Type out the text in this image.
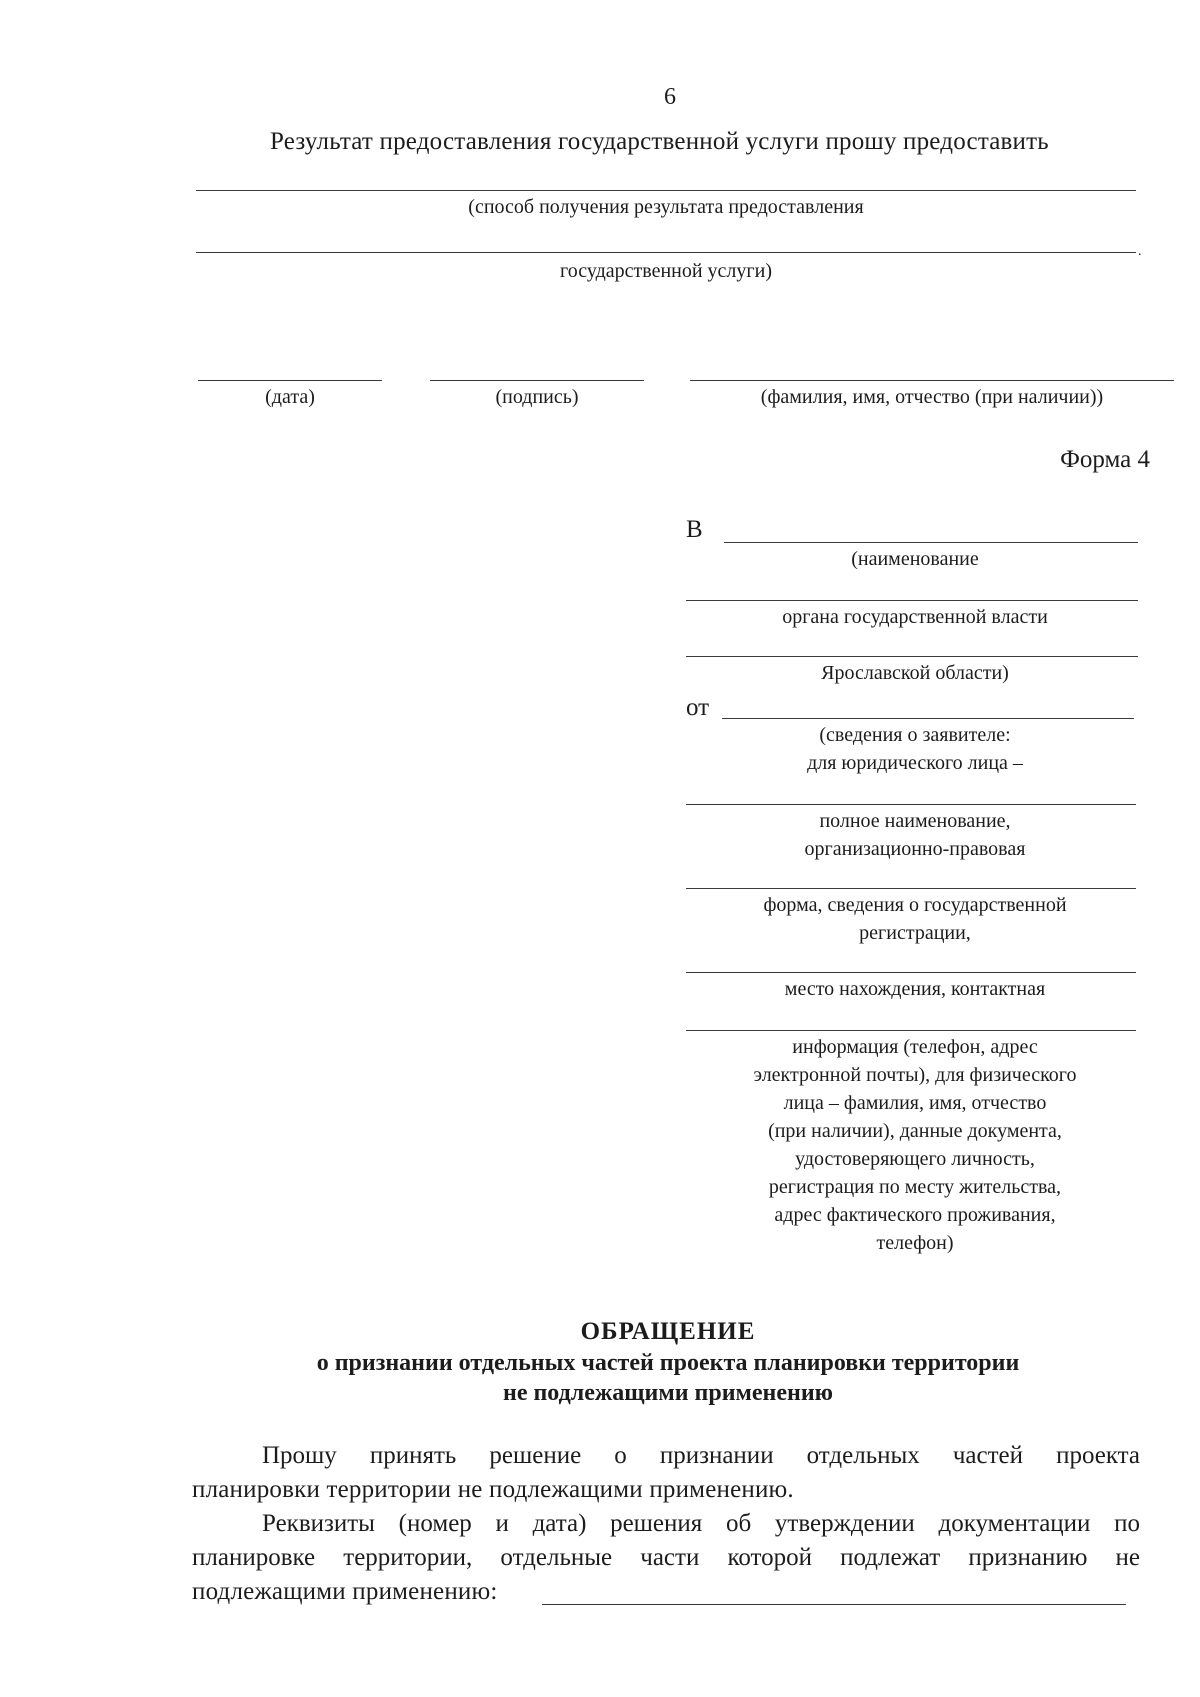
6
Результат предоставления государственной услуги прошу предоставить
(способ получения результата предоставления
.
государственной услуги)
(дата)	(подпись)	(фамилия, имя, отчество (при наличии))
Форма 4
В
(наименование
органа государственной власти
Ярославской области)
от
(сведения о заявителе:
для юридического лица –
полное наименование,
организационно-правовая
форма, сведения о государственной
регистрации,
место нахождения, контактная
информация (телефон, адрес
электронной почты), для физического
лица – фамилия, имя, отчество
(при наличии), данные документа,
удостоверяющего личность,
регистрация по месту жительства,
адрес фактического проживания,
телефон)
ОБРАЩЕНИЕ
о признании отдельных частей проекта планировки территории
не подлежащими применению
Прошу принять решение о признании отдельных частей проекта
планировки территории не подлежащими применению.
Реквизиты (номер и дата) решения об утверждении документации по
планировке территории, отдельные части которой подлежат признанию не
подлежащими применению:
